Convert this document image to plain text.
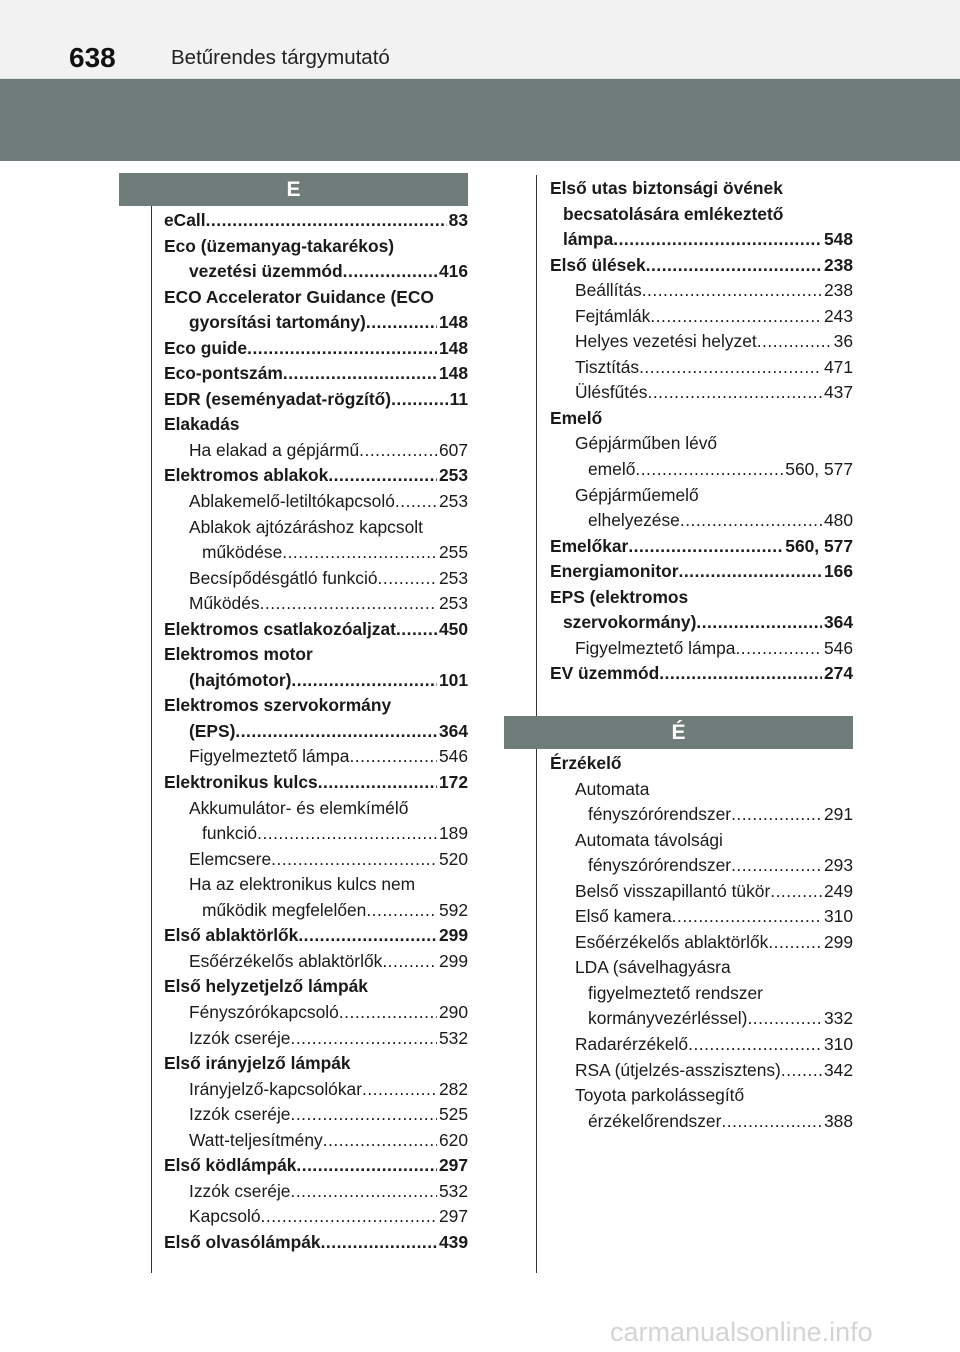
638	Betűrendes tárgymutató
E
eCall .....	83
Eco (üzemanyag-takarékos)
vezetési üzemmód .....	416
ECO Accelerator Guidance (ECO
gyorsítási tartomány) .....	148
Eco guide .....	148
Eco-pontszám .....	148
EDR (eseményadat-rögzítő) .....	11
Elakadás
Ha elakad a gépjármű .....	607
Elektromos ablakok .....	253
Ablakemelő-letiltókapcsoló .....	253
Ablakok ajtózáráshoz kapcsolt
működése .....	255
Becsípődésgátló funkció .....	253
Működés .....	253
Elektromos csatlakozóaljzat ..... 450
Elektromos motor
(hajtómotor) .....	101
Elektromos szervokormány
(EPS) .....	364
Figyelmeztető lámpa .....	546
Elektronikus kulcs .....	172
Akkumulátor- és elemkímélő
funkció .....	189
Elemcsere .....	520
Ha az elektronikus kulcs nem
működik megfelelően .....	592
Első ablaktörlők .....	299
Esőérzékelős ablaktörlők .....	299
Első helyzetjelző lámpák
Fényszórókapcsoló .....	290
Izzók cseréje .....	532
Első irányjelző lámpák
Irányjelző-kapcsolókar .....	282
Izzók cseréje .....	525
Watt-teljesítmény .....	620
Első ködlámpák .....	297
Izzók cseréje .....	532
Kapcsoló .....	297
Első olvasólámpák .....	439
Első utas biztonsági övének
becsatolására emlékeztető
lámpa .....	548
Első ülések .....	238
Beállítás .....	238
Fejtámlák .....	243
Helyes vezetési helyzet .....	36
Tisztítás .....	471
Ülésfűtés .....	437
Emelő
Gépjárműben lévő
emelő .....	560, 577
Gépjárműemelő
elhelyezése .....	480
Emelőkar .....	560, 577
Energiamonitor .....	166
EPS (elektromos
szervokormány) .....	364
Figyelmeztető lámpa .....	546
EV üzemmód .....	274
É
Érzékelő
Automata
fényszórórendszer .....	291
Automata távolsági
fényszórórendszer .....	293
Belső visszapillantó tükör .....	249
Első kamera .....	310
Esőérzékelős ablaktörlők .....	299
LDA (sávelhagyásra
figyelmeztető rendszer
kormányvezérléssel) .....	332
Radarérzékelő .....	310
RSA (útjelzés-asszisztens) ..... 342
Toyota parkolássegítő
érzékelőrendszer .....	388
carmanualsonline.info
